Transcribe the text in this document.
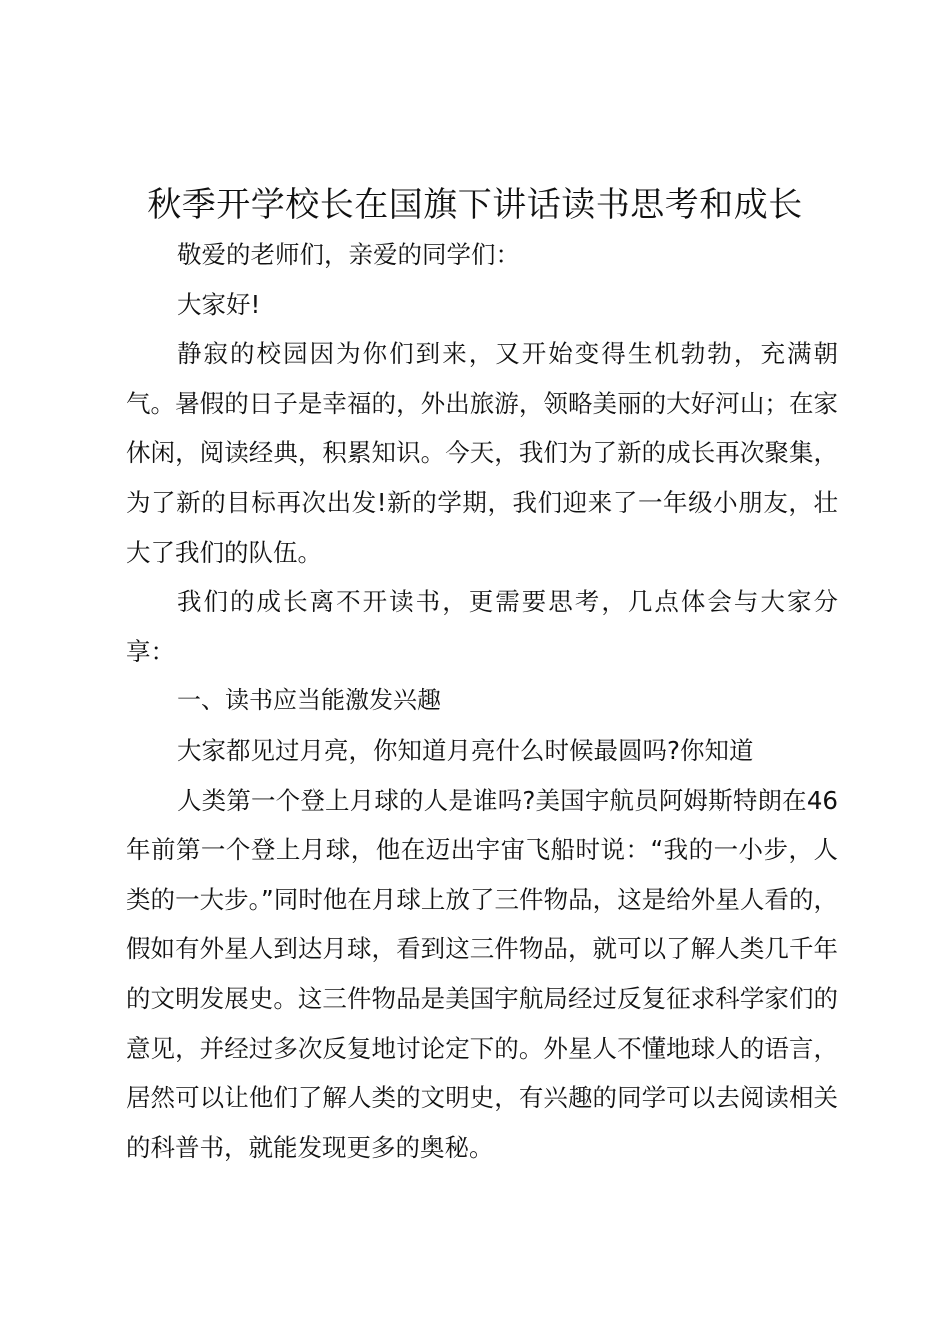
秋季开学校长在国旗下讲话读书思考和成长

敬爱的老师们，亲爱的同学们：

大家好!

静寂的校园因为你们到来，又开始变得生机勃勃，充满朝气。暑假的日子是幸福的，外出旅游，领略美丽的大好河山；在家休闲，阅读经典，积累知识。今天，我们为了新的成长再次聚集，为了新的目标再次出发!新的学期，我们迎来了一年级小朋友，壮大了我们的队伍。

我们的成长离不开读书，更需要思考，几点体会与大家分享：

一、读书应当能激发兴趣

大家都见过月亮，你知道月亮什么时候最圆吗?你知道

人类第一个登上月球的人是谁吗?美国宇航员阿姆斯特朗在46年前第一个登上月球，他在迈出宇宙飞船时说：“我的一小步，人类的一大步。”同时他在月球上放了三件物品，这是给外星人看的，假如有外星人到达月球，看到这三件物品，就可以了解人类几千年的文明发展史。这三件物品是美国宇航局经过反复征求科学家们的意见，并经过多次反复地讨论定下的。外星人不懂地球人的语言，居然可以让他们了解人类的文明史，有兴趣的同学可以去阅读相关的科普书，就能发现更多的奥秘。
